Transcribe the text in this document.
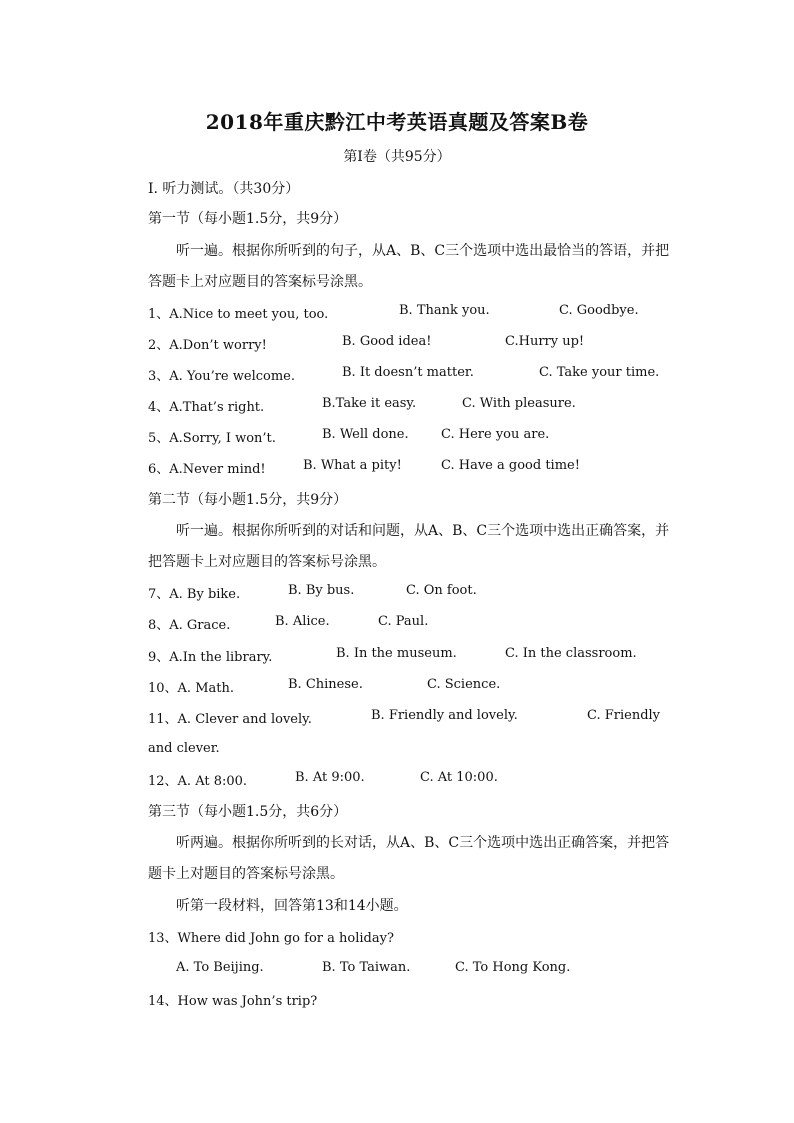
2018年重庆黔江中考英语真题及答案B卷
第Ⅰ卷（共95分）
Ⅰ. 听力测试。（共30分）
第一节（每小题1.5分，共9分）
听一遍。根据你所听到的句子，从A、B、C三个选项中选出最恰当的答语，并把
答题卡上对应题目的答案标号涂黑。
1、A.Nice to meet you, too.	B. Thank you.	C. Goodbye.
2、A.Don’t worry!	B. Good idea!	C.Hurry up!
3、A. You’re welcome.	B. It doesn’t matter.	C. Take your time.
4、A.That’s right.	B.Take it easy.	C. With pleasure.
5、A.Sorry, I won’t.	B. Well done. C. Here you are.
6、A.Never mind!	B. What a pity!	C. Have a good time!
第二节（每小题1.5分，共9分）
听一遍。根据你所听到的对话和问题，从A、B、C三个选项中选出正确答案，并
把答题卡上对应题目的答案标号涂黑。
7、A. By bike.	B. By bus.	C. On foot.
8、A. Grace.	B. Alice.	C. Paul.
9、A.In the library.	B. In the museum.	C. In the classroom.
10、A. Math.	B. Chinese.	C. Science.
11、A. Clever and lovely.	B. Friendly and lovely.	C. Friendly
and clever.
12、A. At 8:00.	B. At 9:00.	C. At 10:00.
第三节（每小题1.5分，共6分）
听两遍。根据你所听到的长对话，从A、B、C三个选项中选出正确答案，并把答
题卡上对题目的答案标号涂黑。
听第一段材料，回答第13和14小题。
13、Where did John go for a holiday?
A. To Beijing.	B. To Taiwan.	C. To Hong Kong.
14、How was John’s trip?
